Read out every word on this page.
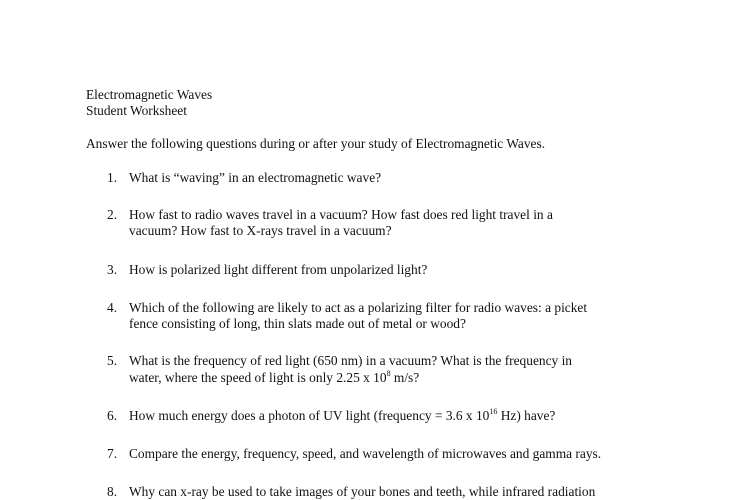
Electromagnetic Waves
Student Worksheet
Answer the following questions during or after your study of Electromagnetic Waves.
1. What is “waving” in an electromagnetic wave?
2. How fast to radio waves travel in a vacuum? How fast does red light travel in a
vacuum? How fast to X-rays travel in a vacuum?
3. How is polarized light different from unpolarized light?
4. Which of the following are likely to act as a polarizing filter for radio waves: a picket
fence consisting of long, thin slats made out of metal or wood?
5. What is the frequency of red light (650 nm) in a vacuum? What is the frequency in
water, where the speed of light is only 2.25 x $10^8$ m/s?
6. How much energy does a photon of UV light (frequency = 3.6 x $10^{16}$ Hz) have?
7. Compare the energy, frequency, speed, and wavelength of microwaves and gamma rays.
8. Why can x-ray be used to take images of your bones and teeth, while infrared radiation
